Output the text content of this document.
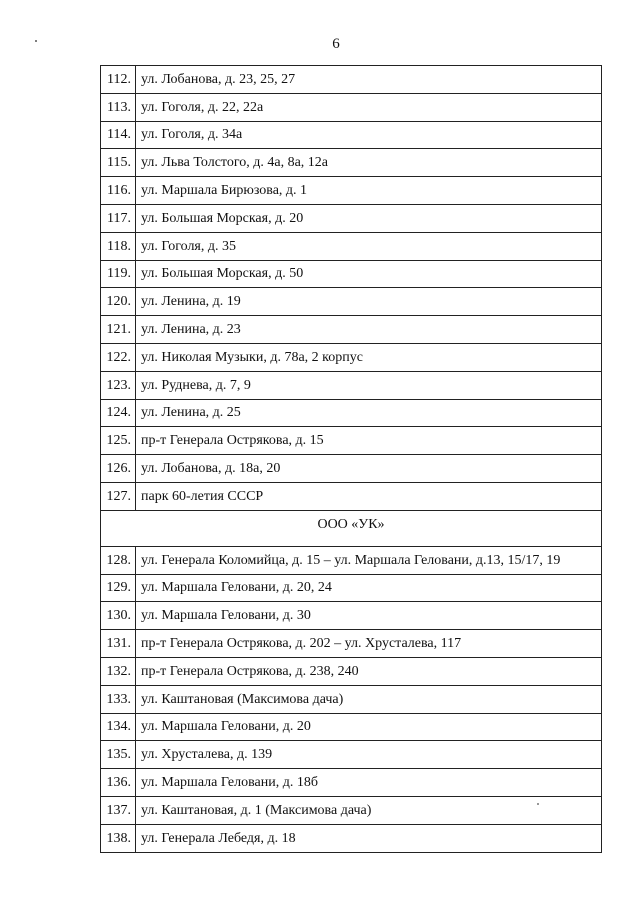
6
112.	ул. Лобанова, д. 23, 25, 27
113.	ул. Гоголя, д. 22, 22а
114.	ул. Гоголя, д. 34а
115.	ул. Льва Толстого, д. 4а, 8а, 12а
116.	ул. Маршала Бирюзова, д. 1
117.	ул. Большая Морская, д. 20
118.	ул. Гоголя, д. 35
119.	ул. Большая Морская, д. 50
120.	ул. Ленина, д. 19
121.	ул. Ленина, д. 23
122.	ул. Николая Музыки, д. 78а, 2 корпус
123.	ул. Руднева, д. 7, 9
124.	ул. Ленина, д. 25
125.	пр-т Генерала Острякова, д. 15
126.	ул. Лобанова, д. 18а, 20
127.	парк 60-летия СССР
ООО «УК»	
128.	ул. Генерала Коломийца, д. 15 – ул. Маршала Геловани, д.13, 15/17, 19
129.	ул. Маршала Геловани, д. 20, 24
130.	ул. Маршала Геловани, д. 30
131.	пр-т Генерала Острякова, д. 202 – ул. Хрусталева, 117
132.	пр-т Генерала Острякова, д. 238, 240
133.	ул. Каштановая (Максимова дача)
134.	ул. Маршала Геловани, д. 20
135.	ул. Хрусталева, д. 139
136.	ул. Маршала Геловани, д. 18б
137.	ул. Каштановая, д. 1 (Максимова дача)
138.	ул. Генерала Лебедя, д. 18
